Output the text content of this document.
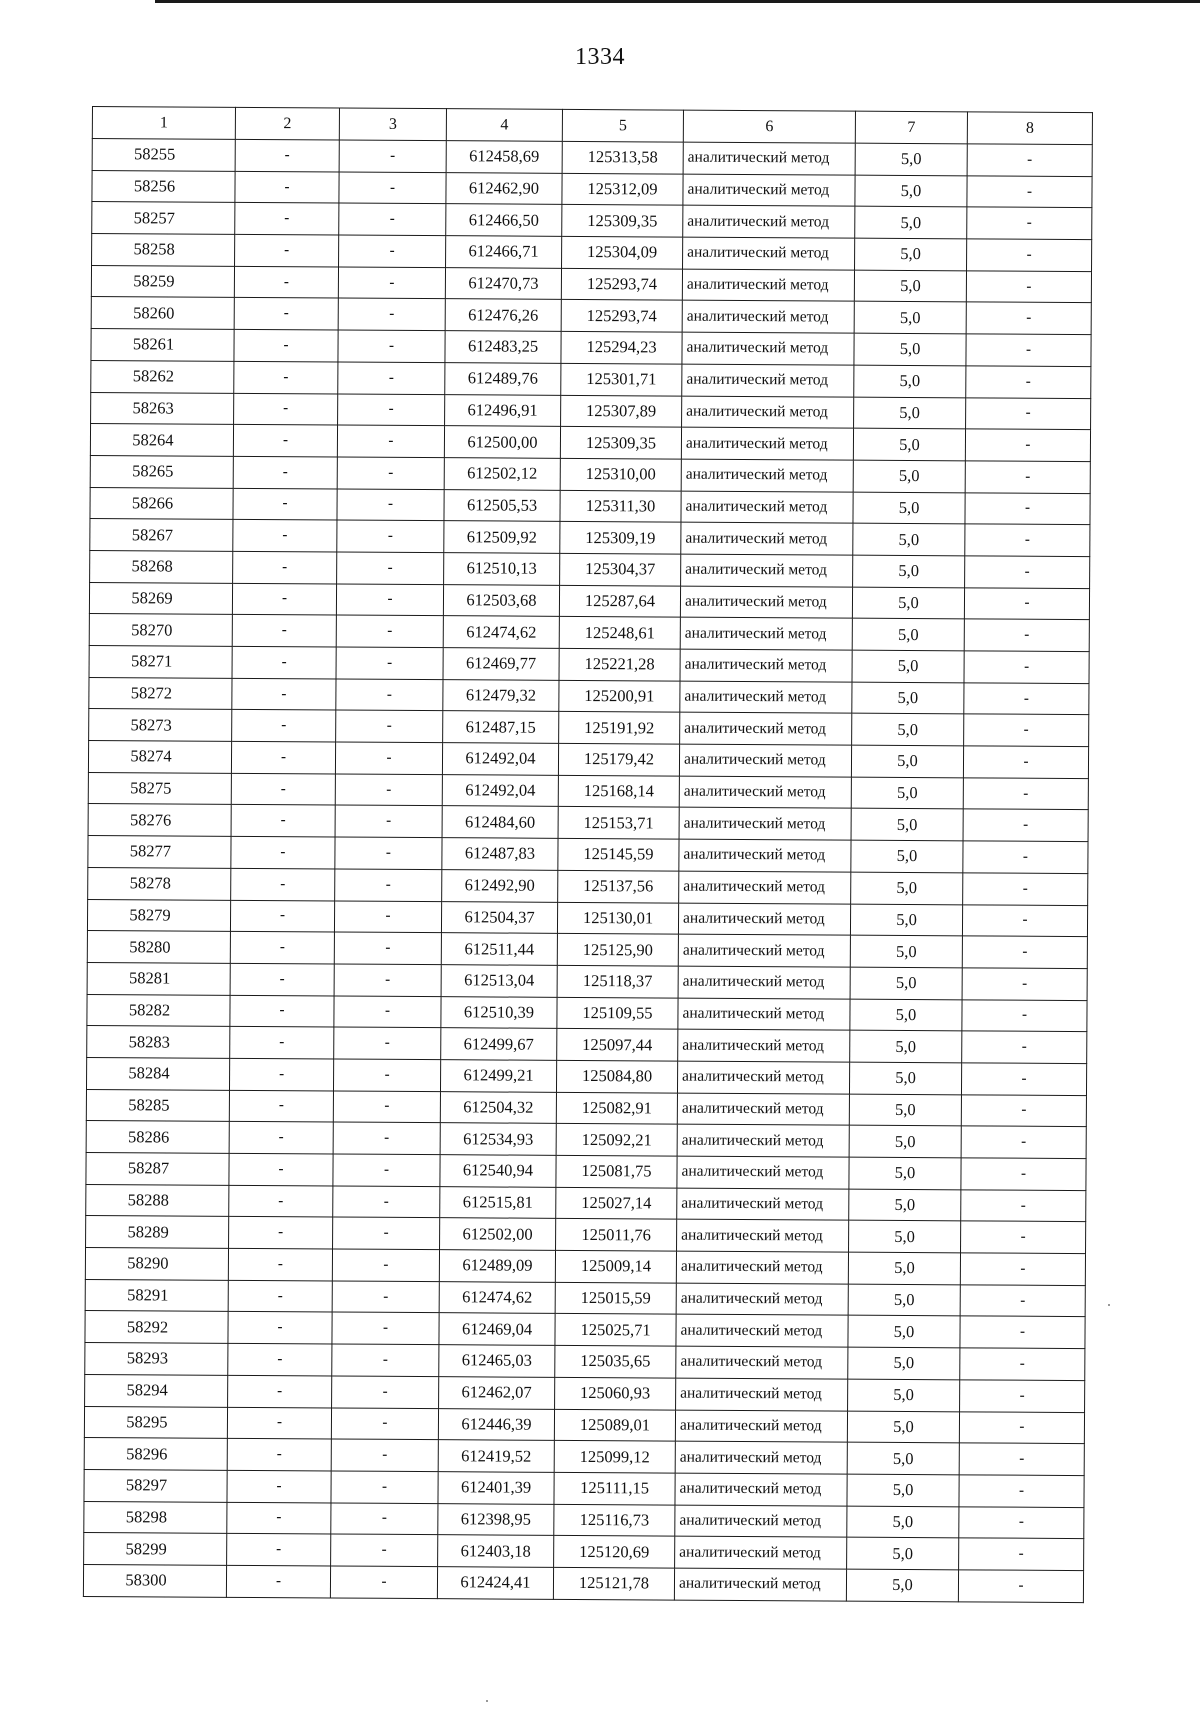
1334
1	2	3	4	5	6	7	8
58255	-	-	612458,69	125313,58	аналитический метод	5,0	-
58256	-	-	612462,90	125312,09	аналитический метод	5,0	-
58257	-	-	612466,50	125309,35	аналитический метод	5,0	-
58258	-	-	612466,71	125304,09	аналитический метод	5,0	-
58259	-	-	612470,73	125293,74	аналитический метод	5,0	-
58260	-	-	612476,26	125293,74	аналитический метод	5,0	-
58261	-	-	612483,25	125294,23	аналитический метод	5,0	-
58262	-	-	612489,76	125301,71	аналитический метод	5,0	-
58263	-	-	612496,91	125307,89	аналитический метод	5,0	-
58264	-	-	612500,00	125309,35	аналитический метод	5,0	-
58265	-	-	612502,12	125310,00	аналитический метод	5,0	-
58266	-	-	612505,53	125311,30	аналитический метод	5,0	-
58267	-	-	612509,92	125309,19	аналитический метод	5,0	-
58268	-	-	612510,13	125304,37	аналитический метод	5,0	-
58269	-	-	612503,68	125287,64	аналитический метод	5,0	-
58270	-	-	612474,62	125248,61	аналитический метод	5,0	-
58271	-	-	612469,77	125221,28	аналитический метод	5,0	-
58272	-	-	612479,32	125200,91	аналитический метод	5,0	-
58273	-	-	612487,15	125191,92	аналитический метод	5,0	-
58274	-	-	612492,04	125179,42	аналитический метод	5,0	-
58275	-	-	612492,04	125168,14	аналитический метод	5,0	-
58276	-	-	612484,60	125153,71	аналитический метод	5,0	-
58277	-	-	612487,83	125145,59	аналитический метод	5,0	-
58278	-	-	612492,90	125137,56	аналитический метод	5,0	-
58279	-	-	612504,37	125130,01	аналитический метод	5,0	-
58280	-	-	612511,44	125125,90	аналитический метод	5,0	-
58281	-	-	612513,04	125118,37	аналитический метод	5,0	-
58282	-	-	612510,39	125109,55	аналитический метод	5,0	-
58283	-	-	612499,67	125097,44	аналитический метод	5,0	-
58284	-	-	612499,21	125084,80	аналитический метод	5,0	-
58285	-	-	612504,32	125082,91	аналитический метод	5,0	-
58286	-	-	612534,93	125092,21	аналитический метод	5,0	-
58287	-	-	612540,94	125081,75	аналитический метод	5,0	-
58288	-	-	612515,81	125027,14	аналитический метод	5,0	-
58289	-	-	612502,00	125011,76	аналитический метод	5,0	-
58290	-	-	612489,09	125009,14	аналитический метод	5,0	-
58291	-	-	612474,62	125015,59	аналитический метод	5,0	-
58292	-	-	612469,04	125025,71	аналитический метод	5,0	-
58293	-	-	612465,03	125035,65	аналитический метод	5,0	-
58294	-	-	612462,07	125060,93	аналитический метод	5,0	-
58295	-	-	612446,39	125089,01	аналитический метод	5,0	-
58296	-	-	612419,52	125099,12	аналитический метод	5,0	-
58297	-	-	612401,39	125111,15	аналитический метод	5,0	-
58298	-	-	612398,95	125116,73	аналитический метод	5,0	-
58299	-	-	612403,18	125120,69	аналитический метод	5,0	-
58300	-	-	612424,41	125121,78	аналитический метод	5,0	-
